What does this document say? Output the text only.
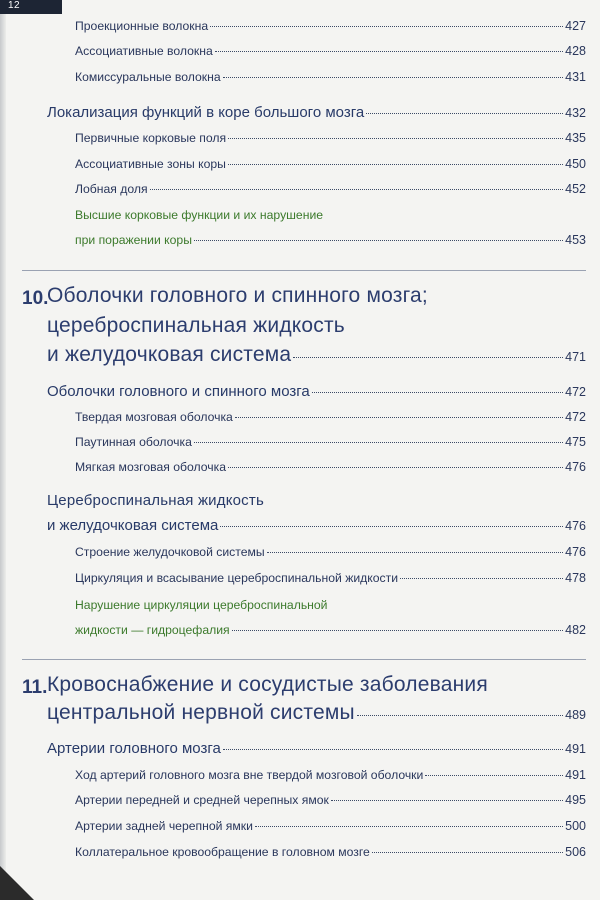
12
Проекционные волокна	427
Ассоциативные волокна	428
Комиссуральные волокна	431
Локализация функций в коре большого мозга	432
Первичные корковые поля	435
Ассоциативные зоны коры	450
Лобная доля	452
Высшие корковые функции и их нарушение
при поражении коры	453
10.
Оболочки головного и спинного мозга;
цереброспинальная жидкость
и желудочковая система	471
Оболочки головного и спинного мозга	472
Твердая мозговая оболочка	472
Паутинная оболочка	475
Мягкая мозговая оболочка	476
Цереброспинальная жидкость
и желудочковая система	476
Строение желудочковой системы	476
Циркуляция и всасывание цереброспинальной жидкости	478
Нарушение циркуляции цереброспинальной
жидкости — гидроцефалия	482
11. Кровоснабжение и сосудистые заболевания
центральной нервной системы	489
Артерии головного мозга	491
Ход артерий головного мозга вне твердой мозговой оболочки	491
Артерии передней и средней черепных ямок	495
Артерии задней черепной ямки	500
Коллатеральное кровообращение в головном мозге	506
